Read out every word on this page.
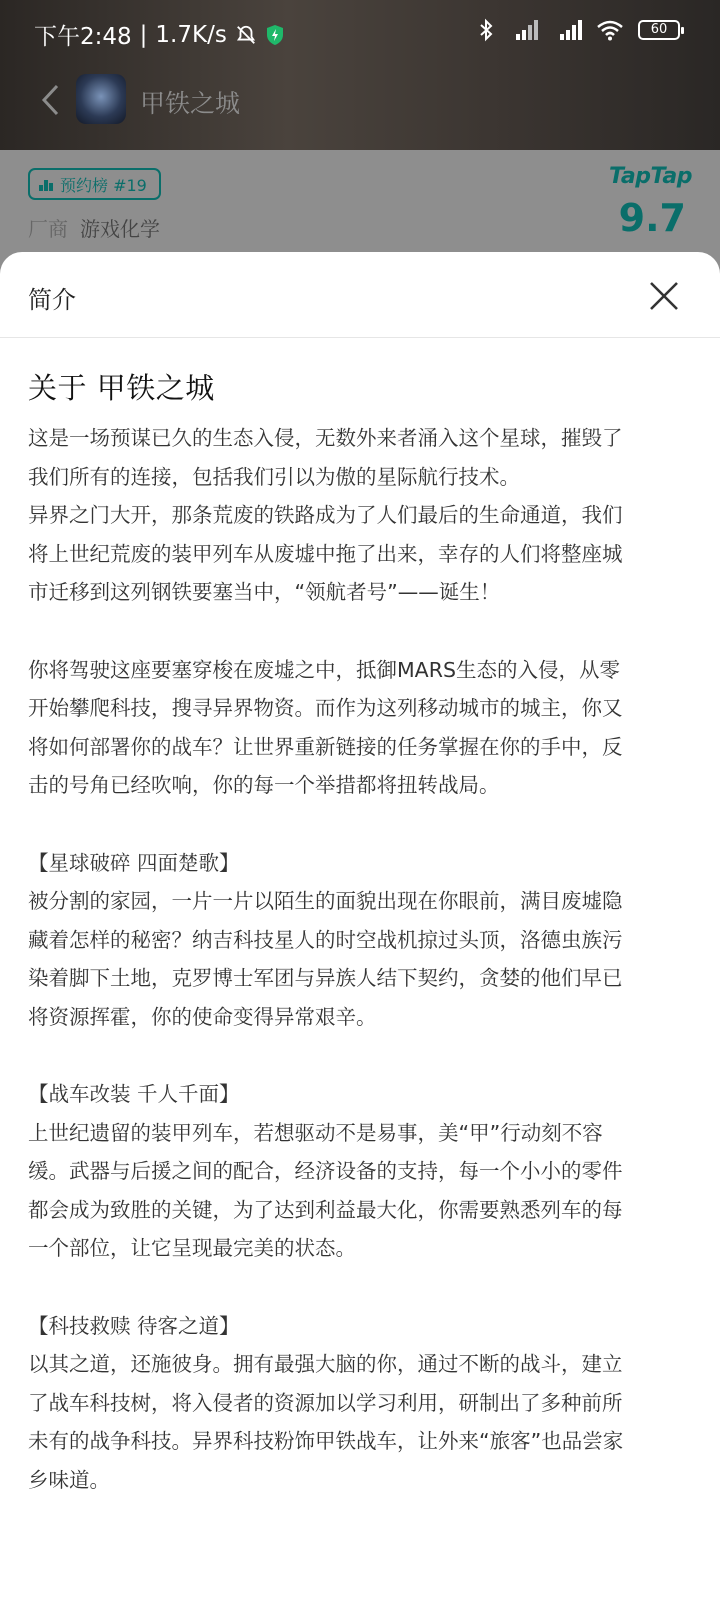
下午2:48 | 1.7K/s	60
甲铁之城
预约榜 #19
厂商 游戏化学
TapTap
9.7
简介
关于 甲铁之城
这是一场预谋已久的生态入侵，无数外来者涌入这个星球，摧毁了
我们所有的连接，包括我们引以为傲的星际航行技术。
异界之门大开，那条荒废的铁路成为了人们最后的生命通道，我们
将上世纪荒废的装甲列车从废墟中拖了出来，幸存的人们将整座城
市迁移到这列钢铁要塞当中，“领航者号”——诞生！
你将驾驶这座要塞穿梭在废墟之中，抵御MARS生态的入侵，从零
开始攀爬科技，搜寻异界物资。而作为这列移动城市的城主，你又
将如何部署你的战车？让世界重新链接的任务掌握在你的手中，反
击的号角已经吹响，你的每一个举措都将扭转战局。
【星球破碎 四面楚歌】
被分割的家园，一片一片以陌生的面貌出现在你眼前，满目废墟隐
藏着怎样的秘密？纳吉科技星人的时空战机掠过头顶，洛德虫族污
染着脚下土地，克罗博士军团与异族人结下契约，贪婪的他们早已
将资源挥霍，你的使命变得异常艰辛。
【战车改装 千人千面】
上世纪遗留的装甲列车，若想驱动不是易事，美“甲”行动刻不容
缓。武器与后援之间的配合，经济设备的支持，每一个小小的零件
都会成为致胜的关键，为了达到利益最大化，你需要熟悉列车的每
一个部位，让它呈现最完美的状态。
【科技救赎 待客之道】
以其之道，还施彼身。拥有最强大脑的你，通过不断的战斗，建立
了战车科技树，将入侵者的资源加以学习利用，研制出了多种前所
未有的战争科技。异界科技粉饰甲铁战车，让外来“旅客”也品尝家
乡味道。
